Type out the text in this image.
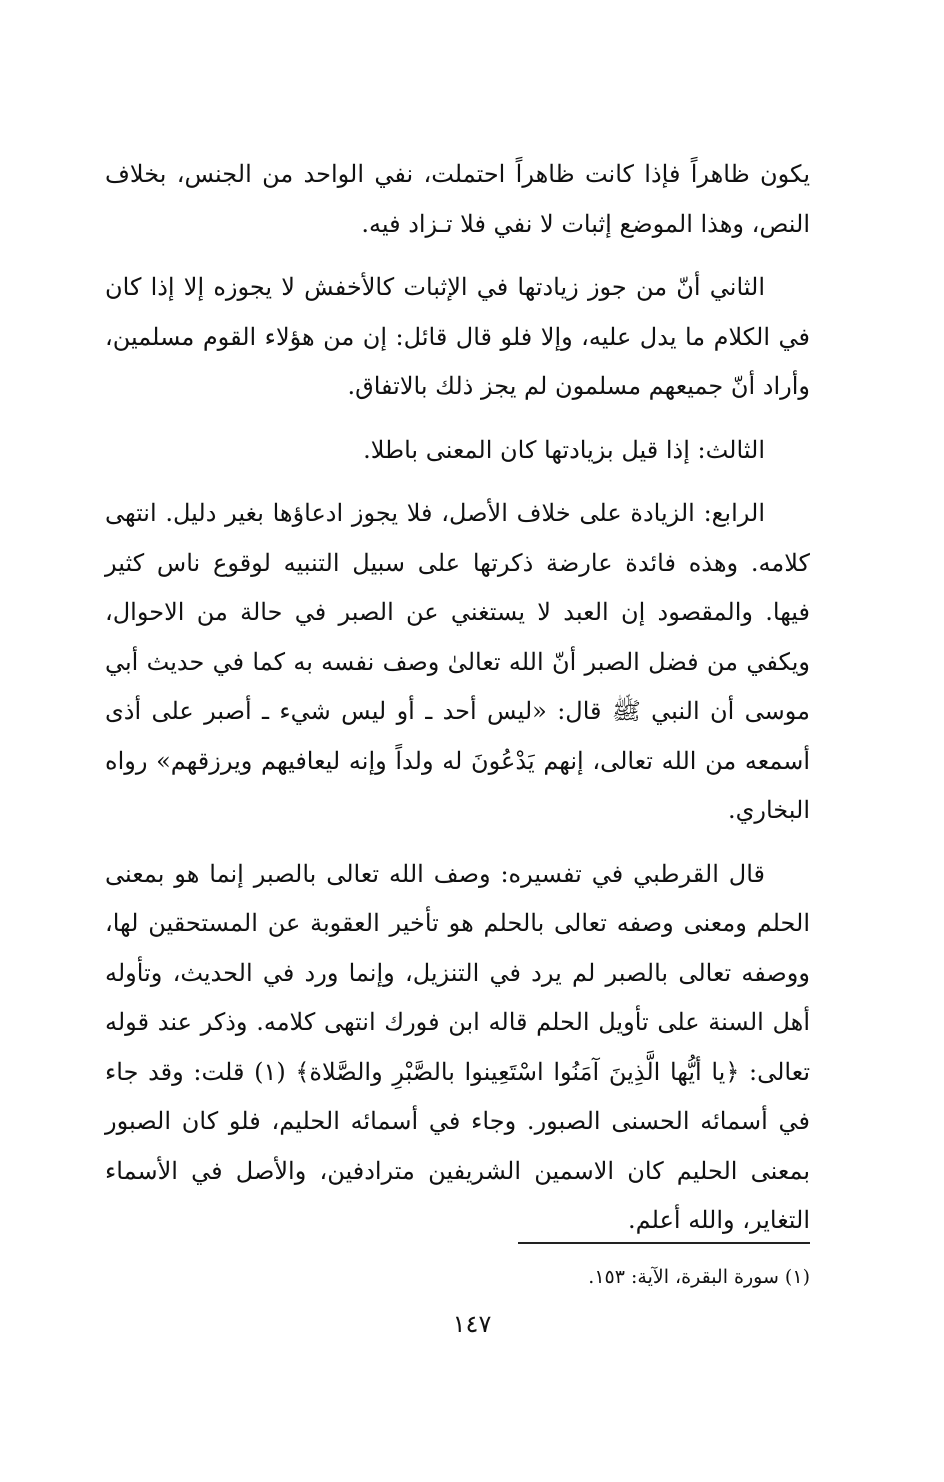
يكون ظاهراً فإذا كانت ظاهراً احتملت، نفي الواحد من الجنس، بخلاف النص، وهذا الموضع إثبات لا نفي فلا تـزاد فيه.

الثاني أنّ من جوز زيادتها في الإثبات كالأخفش لا يجوزه إلا إذا كان في الكلام ما يدل عليه، وإلا فلو قال قائل: إن من هؤلاء القوم مسلمين، وأراد أنّ جميعهم مسلمون لم يجز ذلك بالاتفاق.

الثالث: إذا قيل بزيادتها كان المعنى باطلا.

الرابع: الزيادة على خلاف الأصل، فلا يجوز ادعاؤها بغير دليل. انتهى كلامه. وهذه فائدة عارضة ذكرتها على سبيل التنبيه لوقوع ناس كثير فيها. والمقصود إن العبد لا يستغني عن الصبر في حالة من الاحوال، ويكفي من فضل الصبر أنّ الله تعالىٰ وصف نفسه به كما في حديث أبي موسى أن النبي ﷺ قال: «ليس أحد ـ أو ليس شيء ـ أصبر على أذى أسمعه من الله تعالى، إنهم يَدْعُونَ له ولداً وإنه ليعافيهم ويرزقهم» رواه البخاري.

قال القرطبي في تفسيره: وصف الله تعالى بالصبر إنما هو بمعنى الحلم ومعنى وصفه تعالى بالحلم هو تأخير العقوبة عن المستحقين لها، ووصفه تعالى بالصبر لم يرد في التنزيل، وإنما ورد في الحديث، وتأوله أهل السنة على تأويل الحلم قاله ابن فورك انتهى كلامه. وذكر عند قوله تعالى: ﴿يا أيُّها الَّذِينَ آمَنُوا اسْتَعِينوا بالصَّبْرِ والصَّلاة﴾ (١) قلت: وقد جاء في أسمائه الحسنى الصبور. وجاء في أسمائه الحليم، فلو كان الصبور بمعنى الحليم كان الاسمين الشريفين مترادفين، والأصل في الأسماء التغاير، والله أعلم.

(١) سورة البقرة، الآية: ١٥٣.
١٤٧
